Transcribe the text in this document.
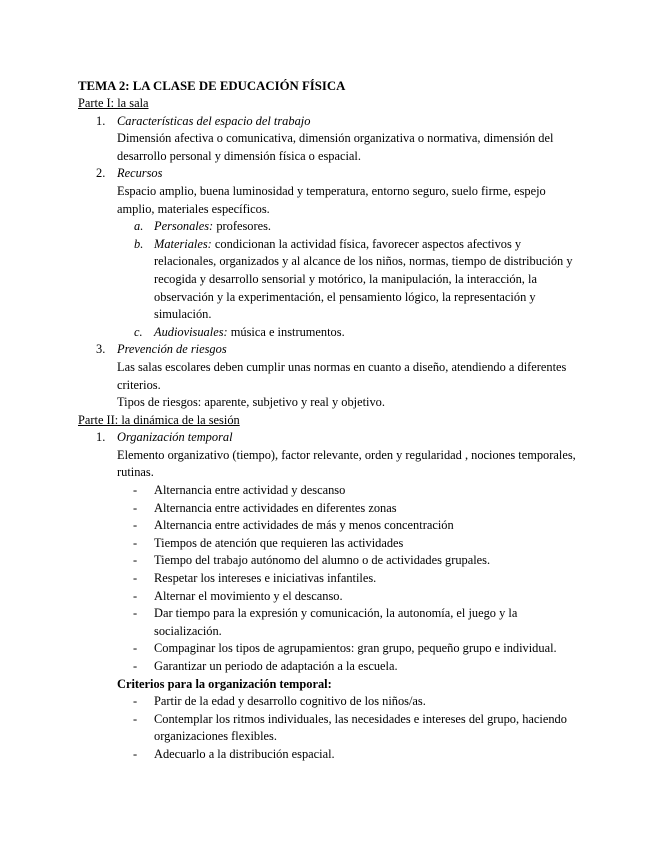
TEMA 2: LA CLASE DE EDUCACIÓN FÍSICA
Parte I: la sala
1. Características del espacio del trabajo
Dimensión afectiva o comunicativa, dimensión organizativa o normativa, dimensión del desarrollo personal y dimensión física o espacial.
2. Recursos
Espacio amplio, buena luminosidad y temperatura, entorno seguro, suelo firme, espejo amplio, materiales específicos.
a. Personales: profesores.
b. Materiales: condicionan la actividad física, favorecer aspectos afectivos y relacionales, organizados y al alcance de los niños, normas, tiempo de distribución y recogida y desarrollo sensorial y motórico, la manipulación, la interacción, la observación y la experimentación, el pensamiento lógico, la representación y simulación.
c. Audiovisuales: música e instrumentos.
3. Prevención de riesgos
Las salas escolares deben cumplir unas normas en cuanto a diseño, atendiendo a diferentes criterios.
Tipos de riesgos: aparente, subjetivo y real y objetivo.
Parte II: la dinámica de la sesión
1. Organización temporal
Elemento organizativo (tiempo), factor relevante, orden y regularidad , nociones temporales, rutinas.
- Alternancia entre actividad y descanso
- Alternancia entre actividades en diferentes zonas
- Alternancia entre actividades de más y menos concentración
- Tiempos de atención que requieren las actividades
- Tiempo del trabajo autónomo del alumno o de actividades grupales.
- Respetar los intereses e iniciativas infantiles.
- Alternar el movimiento y el descanso.
- Dar tiempo para la expresión y comunicación, la autonomía, el juego y la socialización.
- Compaginar los tipos de agrupamientos: gran grupo, pequeño grupo e individual.
- Garantizar un periodo de adaptación a la escuela.
Criterios para la organización temporal:
- Partir de la edad y desarrollo cognitivo de los niños/as.
- Contemplar los ritmos individuales, las necesidades e intereses del grupo, haciendo organizaciones flexibles.
- Adecuarlo a la distribución espacial.
